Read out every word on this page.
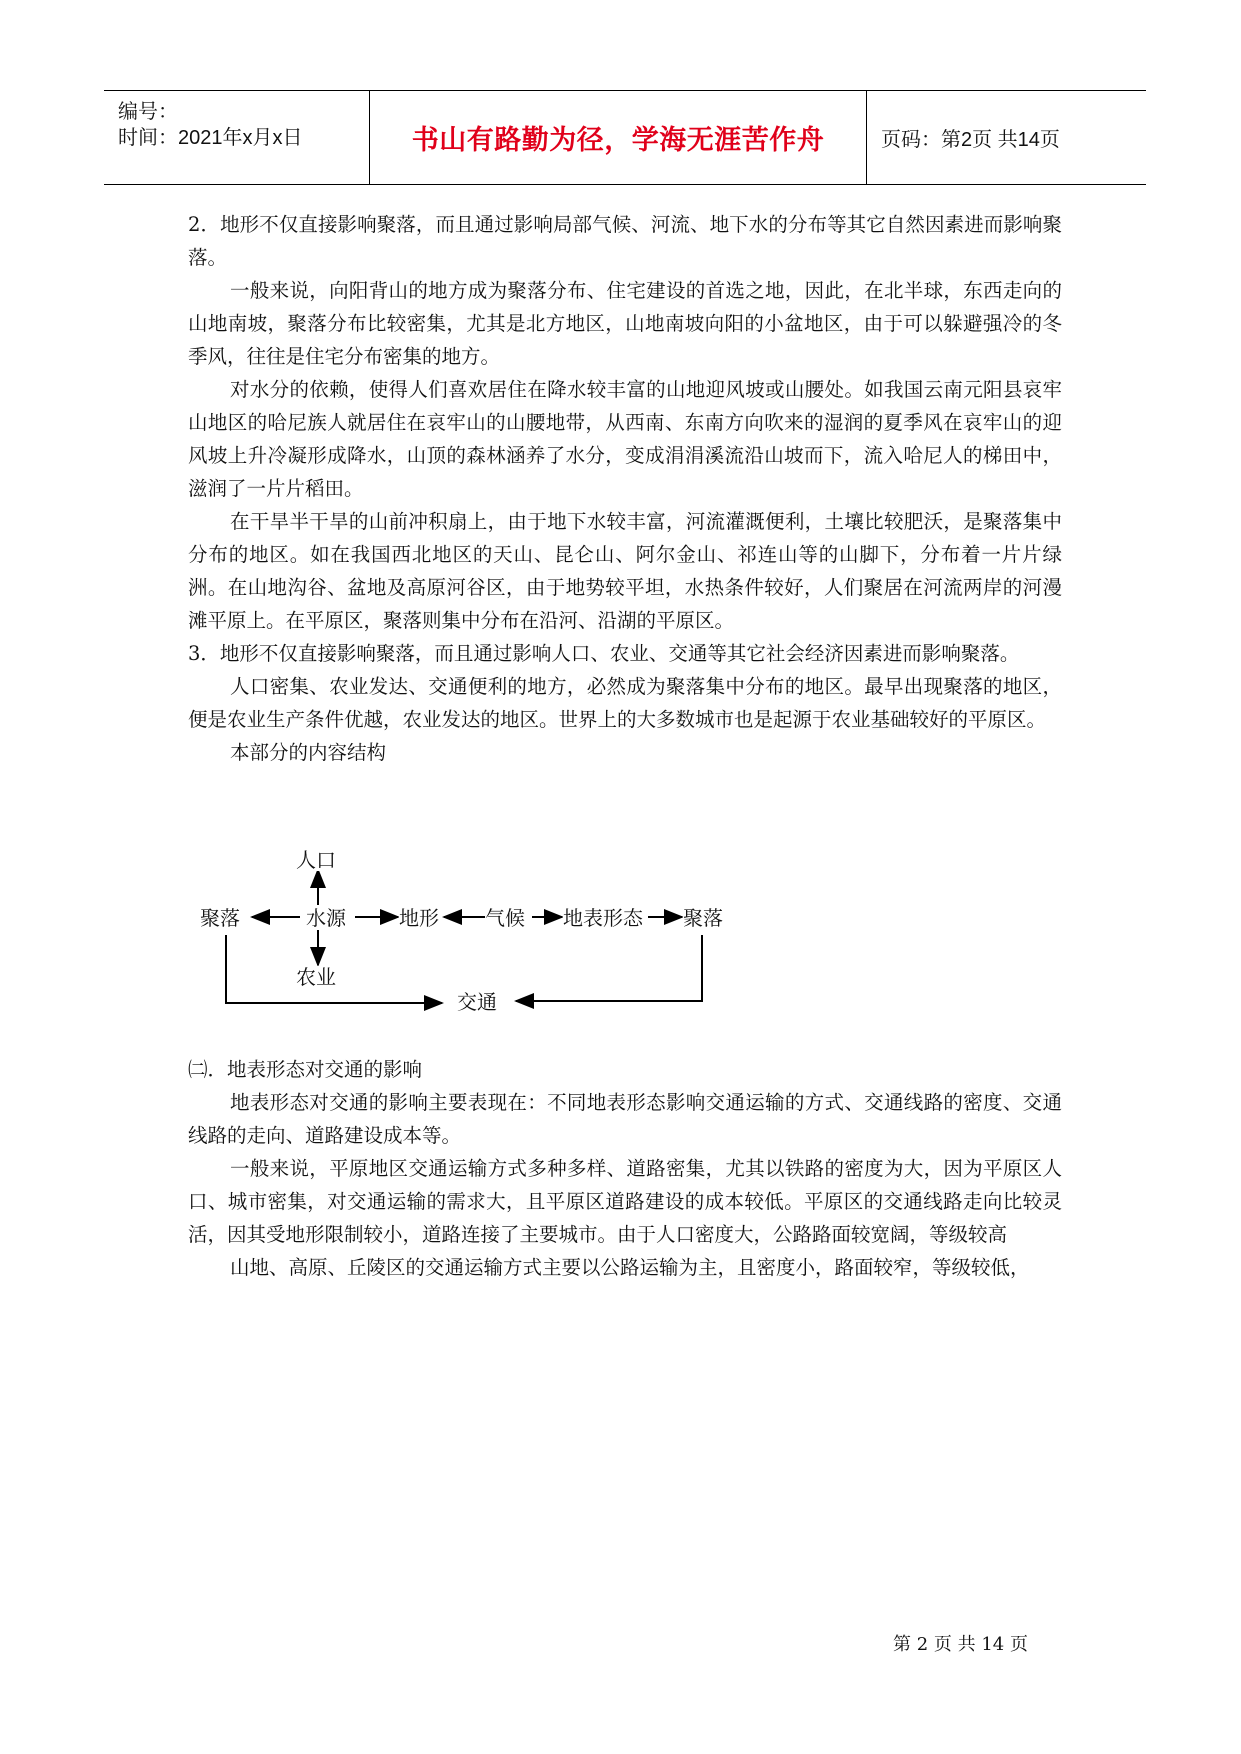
编号：
时间：2021年x月x日	书山有路勤为径，学海无涯苦作舟	页码：第2页 共14页

2．地形不仅直接影响聚落，而且通过影响局部气候、河流、地下水的分布等其它自然因素进而影响聚落。

一般来说，向阳背山的地方成为聚落分布、住宅建设的首选之地，因此，在北半球，东西走向的山地南坡，聚落分布比较密集，尤其是北方地区，山地南坡向阳的小盆地区，由于可以躲避强冷的冬季风，往往是住宅分布密集的地方。

对水分的依赖，使得人们喜欢居住在降水较丰富的山地迎风坡或山腰处。如我国云南元阳县哀牢山地区的哈尼族人就居住在哀牢山的山腰地带，从西南、东南方向吹来的湿润的夏季风在哀牢山的迎风坡上升冷凝形成降水，山顶的森林涵养了水分，变成涓涓溪流沿山坡而下，流入哈尼人的梯田中，滋润了一片片稻田。

在干旱半干旱的山前冲积扇上，由于地下水较丰富，河流灌溉便利，土壤比较肥沃，是聚落集中分布的地区。如在我国西北地区的天山、昆仑山、阿尔金山、祁连山等的山脚下，分布着一片片绿洲。在山地沟谷、盆地及高原河谷区，由于地势较平坦，水热条件较好，人们聚居在河流两岸的河漫滩平原上。在平原区，聚落则集中分布在沿河、沿湖的平原区。

3．地形不仅直接影响聚落，而且通过影响人口、农业、交通等其它社会经济因素进而影响聚落。

人口密集、农业发达、交通便利的地方，必然成为聚落集中分布的地区。最早出现聚落的地区，便是农业生产条件优越，农业发达的地区。世界上的大多数城市也是起源于农业基础较好的平原区。

本部分的内容结构

人口
聚落	水源	地形 气候 地表形态 聚落
农业
交通

㈡．地表形态对交通的影响

地表形态对交通的影响主要表现在：不同地表形态影响交通运输的方式、交通线路的密度、交通线路的走向、道路建设成本等。

一般来说，平原地区交通运输方式多种多样、道路密集，尤其以铁路的密度为大，因为平原区人口、城市密集，对交通运输的需求大，且平原区道路建设的成本较低。平原区的交通线路走向比较灵活，因其受地形限制较小，道路连接了主要城市。由于人口密度大，公路路面较宽阔，等级较高

山地、高原、丘陵区的交通运输方式主要以公路运输为主，且密度小，路面较窄，等级较低，

第 2 页 共 14 页
